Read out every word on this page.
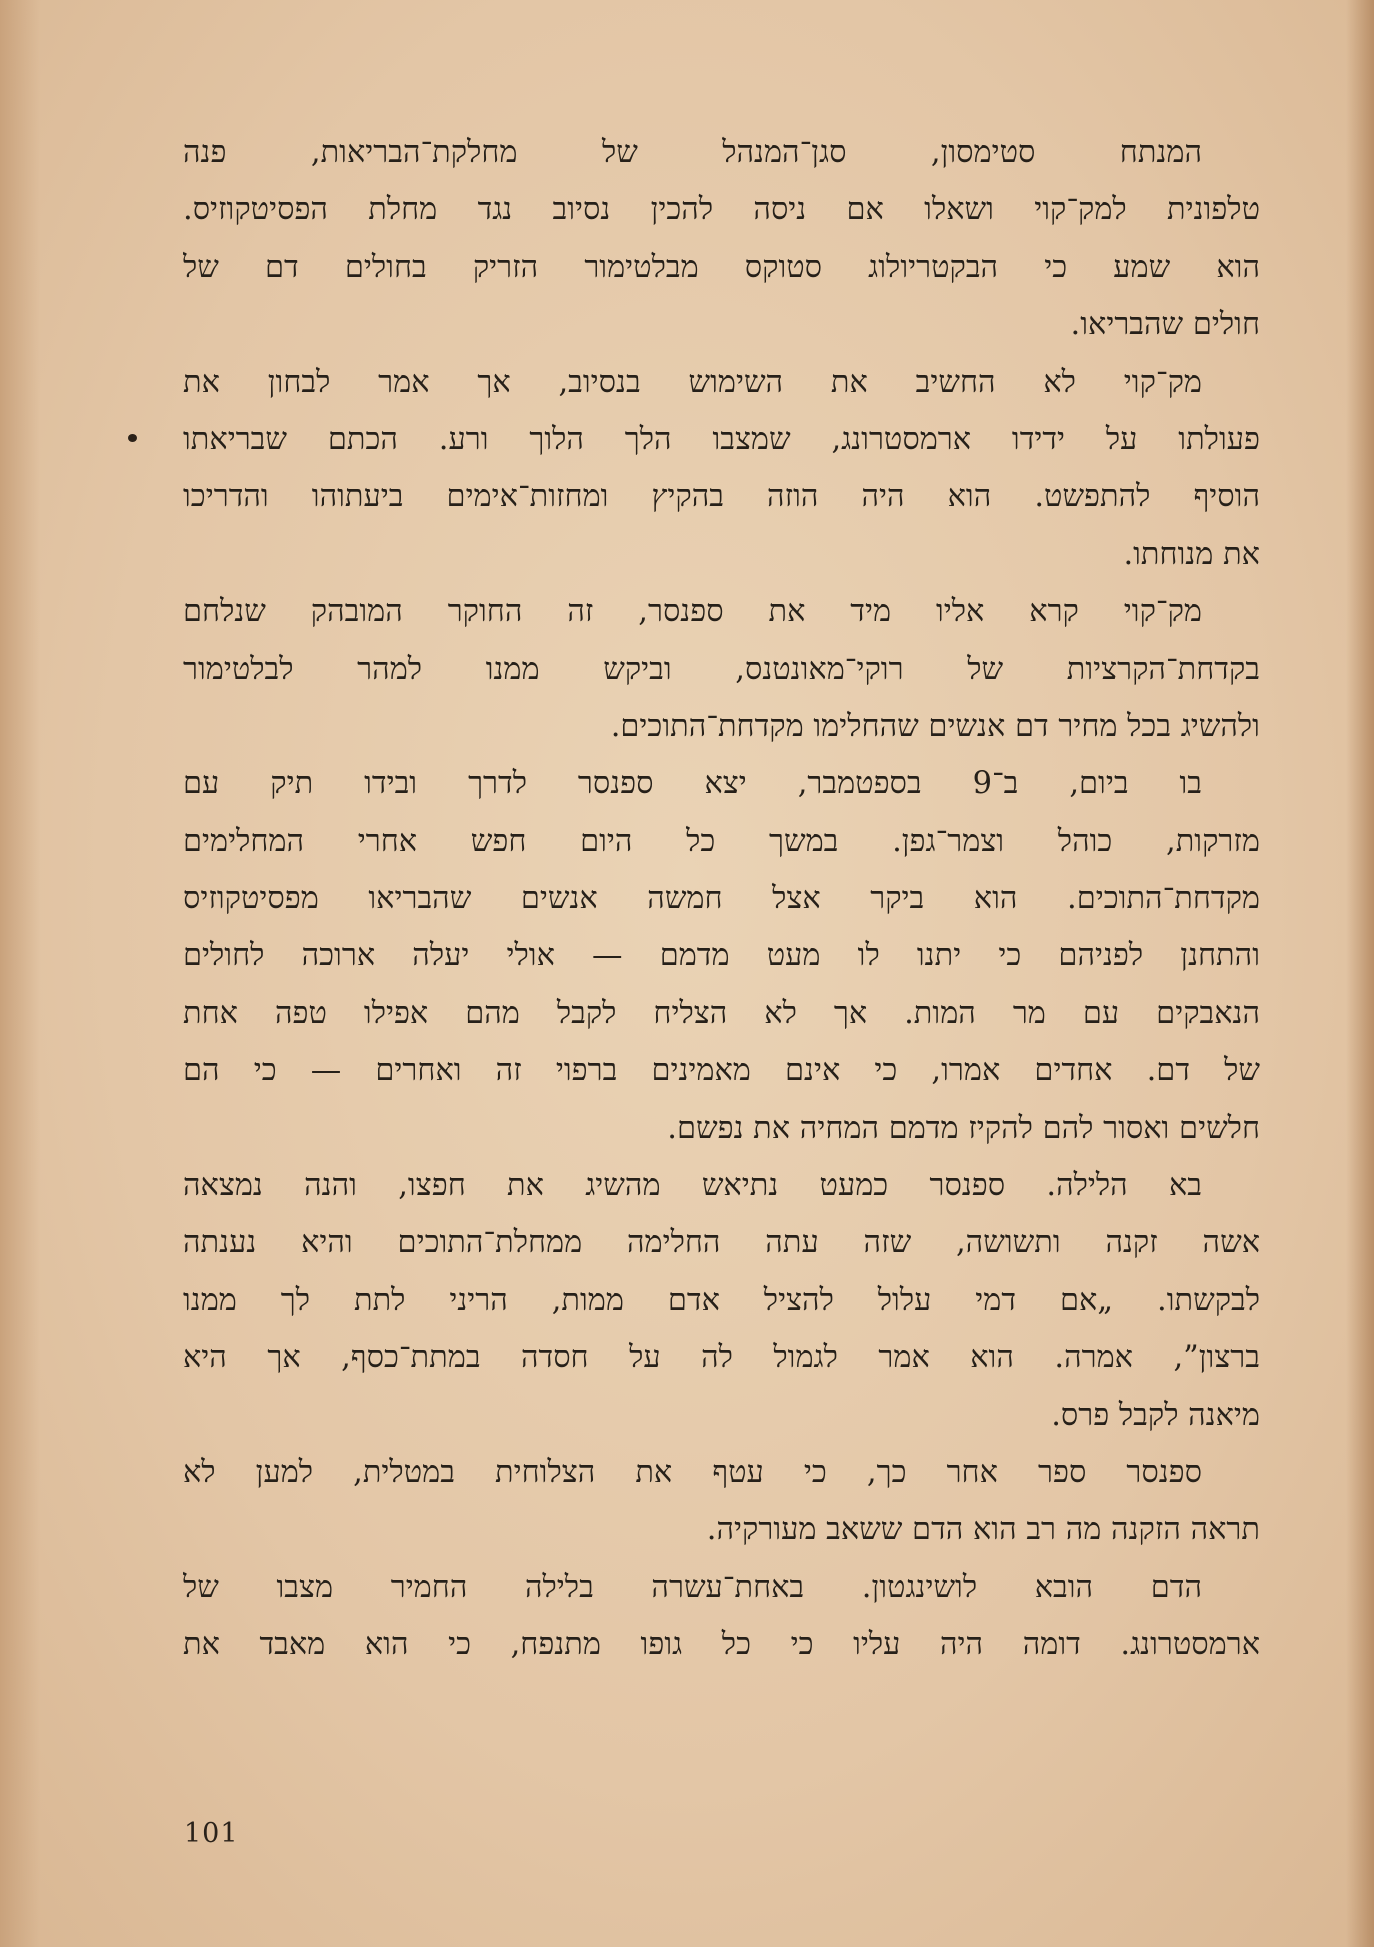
המנתח סטימסון, סגן־המנהל של מחלקת־הבריאות, פנה
טלפונית למק־קוי ושאלו אם ניסה להכין נסיוב נגד מחלת הפסיטקוזיס.
הוא שמע כי הבקטריולוג סטוקס מבלטימור הזריק בחולים דם של
חולים שהבריאו.
מק־קוי לא החשיב את השימוש בנסיוב, אך אמר לבחון את
פעולתו על ידידו ארמסטרונג, שמצבו הלך הלוך ורע. הכתם שבריאתו
הוסיף להתפשט. הוא היה הוזה בהקיץ ומחזות־אימים ביעתוהו והדריכו
את מנוחתו.
מק־קוי קרא אליו מיד את ספנסר, זה החוקר המובהק שנלחם
בקדחת־הקרציות של רוקי־מאונטנס, וביקש ממנו למהר לבלטימור
ולהשיג בכל מחיר דם אנשים שהחלימו מקדחת־התוכים.
בו ביום, ב־9 בספטמבר, יצא ספנסר לדרך ובידו תיק עם
מזרקות, כוהל וצמר־גפן. במשך כל היום חפש אחרי המחלימים
מקדחת־התוכים. הוא ביקר אצל חמשה אנשים שהבריאו מפסיטקוזיס
והתחנן לפניהם כי יתנו לו מעט מדמם — אולי יעלה ארוכה לחולים
הנאבקים עם מר המות. אך לא הצליח לקבל מהם אפילו טפה אחת
של דם. אחדים אמרו, כי אינם מאמינים ברפוי זה ואחרים — כי הם
חלשים ואסור להם להקיז מדמם המחיה את נפשם.
בא הלילה. ספנסר כמעט נתיאש מהשיג את חפצו, והנה נמצאה
אשה זקנה ותשושה, שזה עתה החלימה ממחלת־התוכים והיא נענתה
לבקשתו. „אם דמי עלול להציל אדם ממות, הריני לתת לך ממנו
ברצון”, אמרה. הוא אמר לגמול לה על חסדה במתת־כסף, אך היא
מיאנה לקבל פרס.
ספנסר ספר אחר כך, כי עטף את הצלוחית במטלית, למען לא
תראה הזקנה מה רב הוא הדם ששאב מעורקיה.
הדם הובא לושינגטון. באחת־עשרה בלילה החמיר מצבו של
ארמסטרונג. דומה היה עליו כי כל גופו מתנפח, כי הוא מאבד את
101
